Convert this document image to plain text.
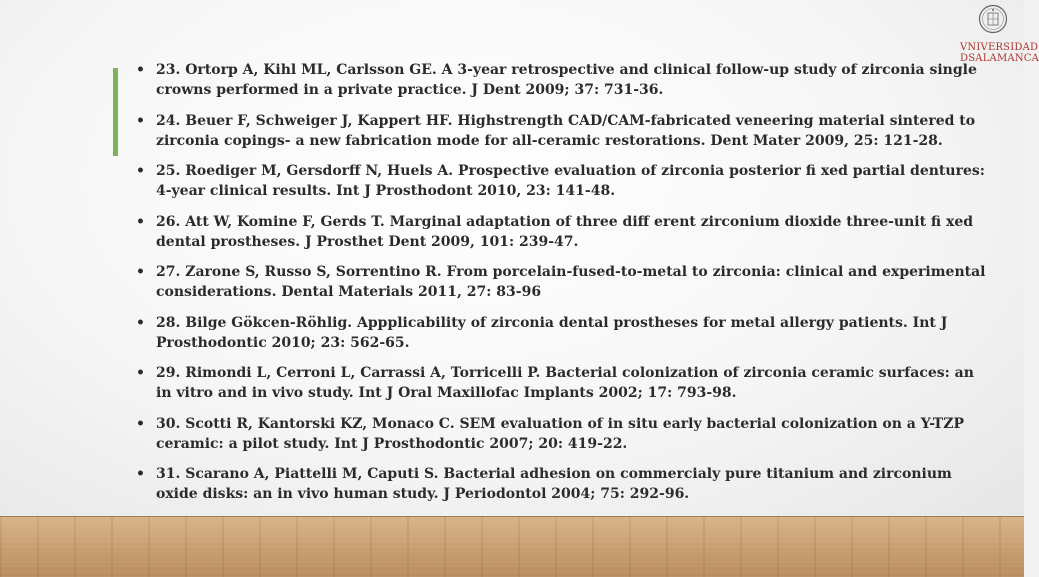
VNIVERSIDAD
DSALAMANCA
• 23. Ortorp A, Kihl ML, Carlsson GE. A 3-year retrospective and clinical follow-up study of zirconia single crowns performed in a private practice. J Dent 2009; 37: 731-36.
• 24. Beuer F, Schweiger J, Kappert HF. Highstrength CAD/CAM-fabricated veneering material sintered to zirconia copings- a new fabrication mode for all-ceramic restorations. Dent Mater 2009, 25: 121-28.
• 25. Roediger M, Gersdorff N, Huels A. Prospective evaluation of zirconia posterior fi xed partial dentures: 4-year clinical results. Int J Prosthodont 2010, 23: 141-48.
• 26. Att W, Komine F, Gerds T. Marginal adaptation of three diff erent zirconium dioxide three-unit fi xed dental prostheses. J Prosthet Dent 2009, 101: 239-47.
• 27. Zarone S, Russo S, Sorrentino R. From porcelain-fused-to-metal to zirconia: clinical and experimental considerations. Dental Materials 2011, 27: 83-96
• 28. Bilge Gökcen-Röhlig. Appplicability of zirconia dental prostheses for metal allergy patients. Int J Prosthodontic 2010; 23: 562-65.
• 29. Rimondi L, Cerroni L, Carrassi A, Torricelli P. Bacterial colonization of zirconia ceramic surfaces: an in vitro and in vivo study. Int J Oral Maxillofac Implants 2002; 17: 793-98.
• 30. Scotti R, Kantorski KZ, Monaco C. SEM evaluation of in situ early bacterial colonization on a Y-TZP ceramic: a pilot study. Int J Prosthodontic 2007; 20: 419-22.
• 31. Scarano A, Piattelli M, Caputi S. Bacterial adhesion on commercialy pure titanium and zirconium oxide disks: an in vivo human study. J Periodontol 2004; 75: 292-96.
